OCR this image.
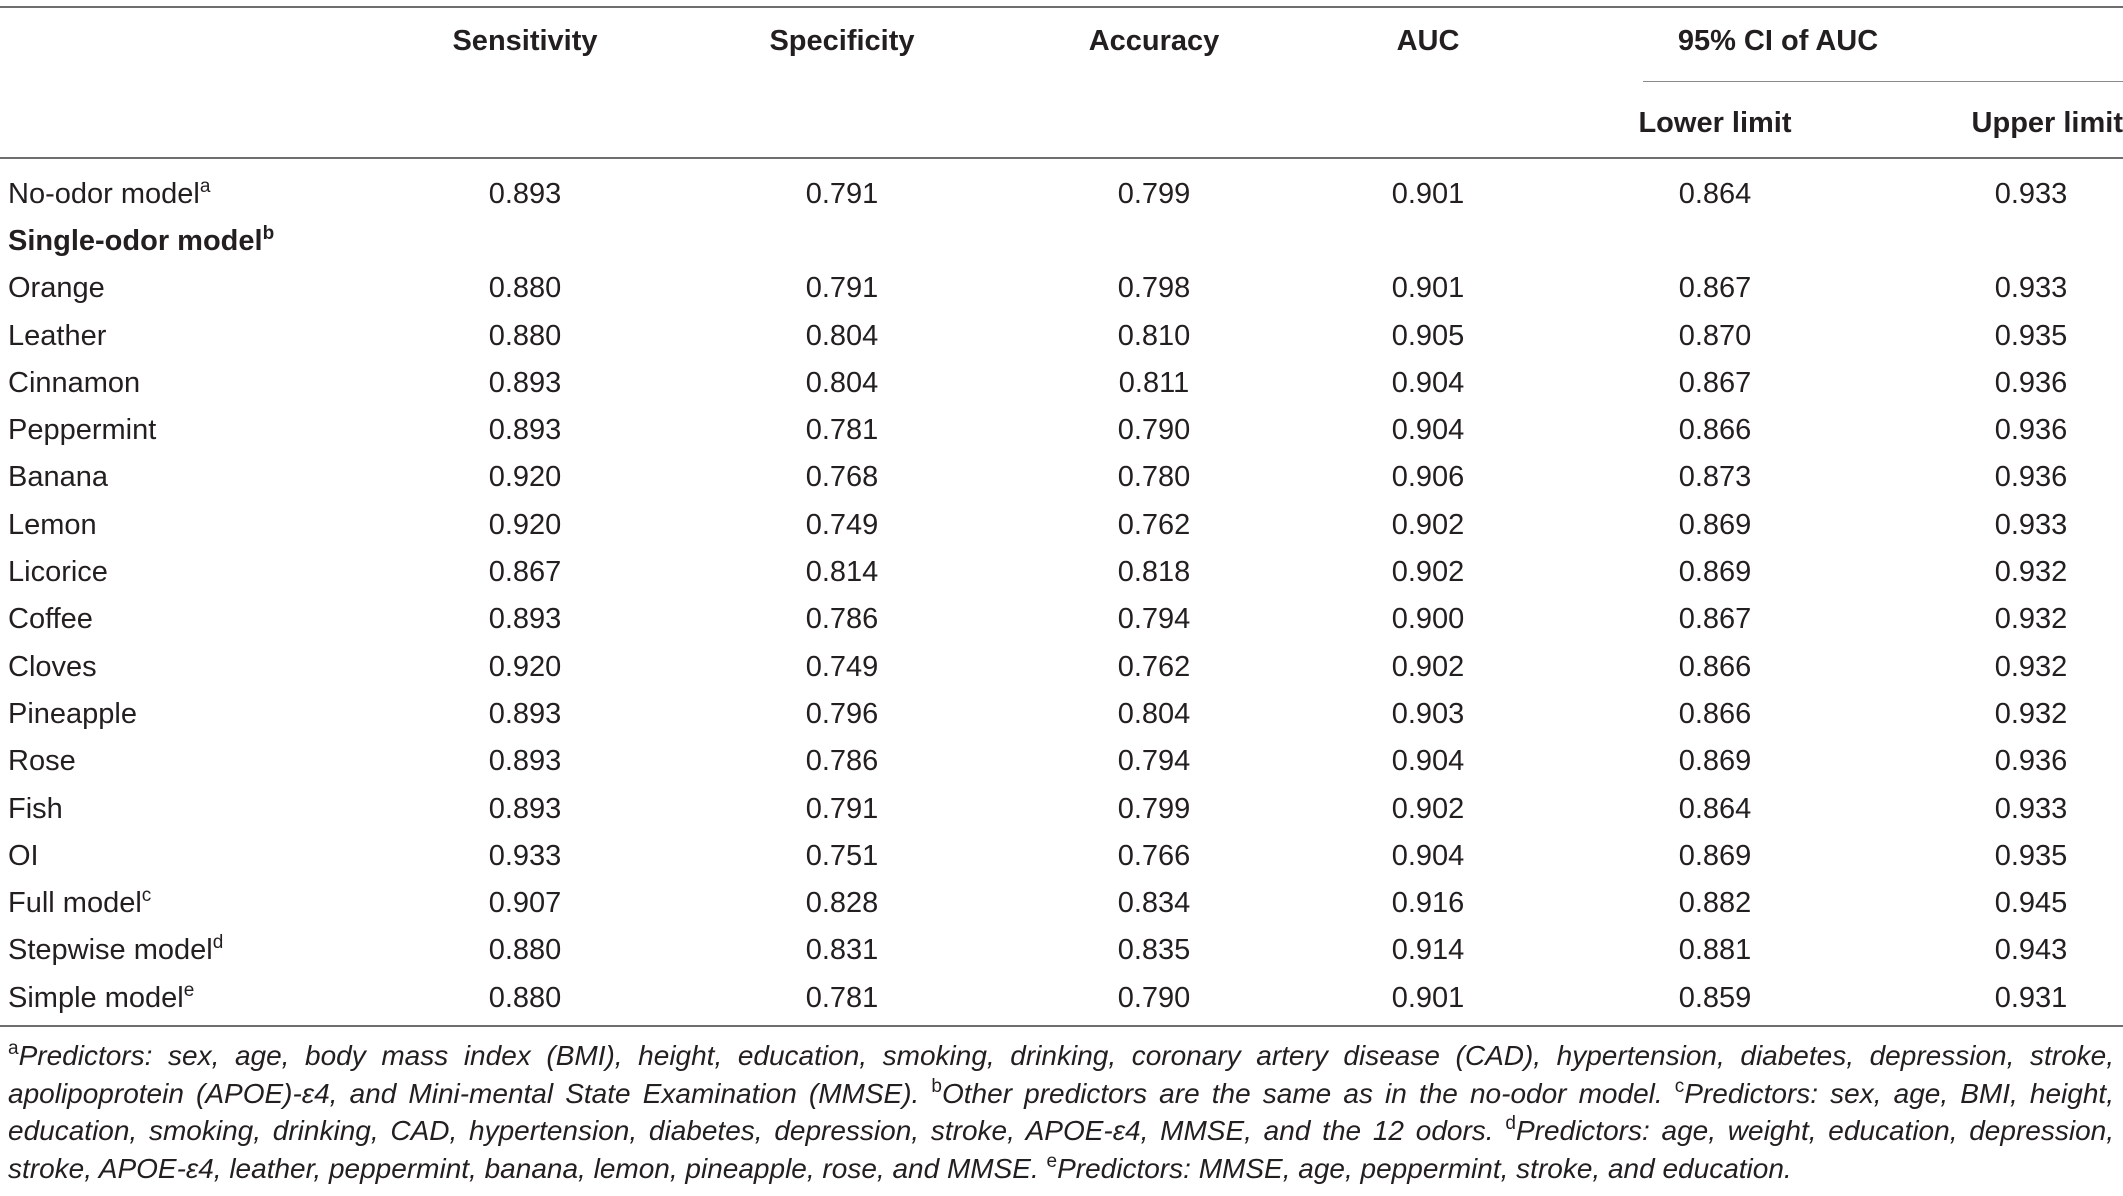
Sensitivity	Specificity	Accuracy	AUC	95% CI of AUC
Lower limit	Upper limit
No-odor model$^a$	0.893		0.791		0.799		0.901		0.864		0.933
Single-odor model$^b$											
Orange	0.880		0.791		0.798		0.901		0.867		0.933
Leather	0.880		0.804		0.810		0.905		0.870		0.935
Cinnamon	0.893		0.804		0.811		0.904		0.867		0.936
Peppermint	0.893		0.781		0.790		0.904		0.866		0.936
Banana	0.920		0.768		0.780		0.906		0.873		0.936
Lemon	0.920		0.749		0.762		0.902		0.869		0.933
Licorice	0.867		0.814		0.818		0.902		0.869		0.932
Coffee	0.893		0.786		0.794		0.900		0.867		0.932
Cloves	0.920		0.749		0.762		0.902		0.866		0.932
Pineapple	0.893		0.796		0.804		0.903		0.866		0.932
Rose	0.893		0.786		0.794		0.904		0.869		0.936
Fish	0.893		0.791		0.799		0.902		0.864		0.933
OI	0.933		0.751		0.766		0.904		0.869		0.935
Full model$^c$	0.907		0.828		0.834		0.916		0.882		0.945
Stepwise model$^d$	0.880		0.831		0.835		0.914		0.881		0.943
Simple model$^e$	0.880		0.781		0.790		0.901		0.859		0.931
$^a$Predictors: sex, age, body mass index (BMI), height, education, smoking, drinking, coronary artery disease (CAD), hypertension, diabetes, depression, stroke, apolipoprotein (APOE)-ε4, and Mini-mental State Examination (MMSE). $^b$Other predictors are the same as in the no-odor model. $^c$Predictors: sex, age, BMI, height, education, smoking, drinking, CAD, hypertension, diabetes, depression, stroke, APOE-ε4, MMSE, and the 12 odors. $^d$Predictors: age, weight, education, depression, stroke, APOE-ε4, leather, peppermint, banana, lemon, pineapple, rose, and MMSE. $^e$Predictors: MMSE, age, peppermint, stroke, and education.
